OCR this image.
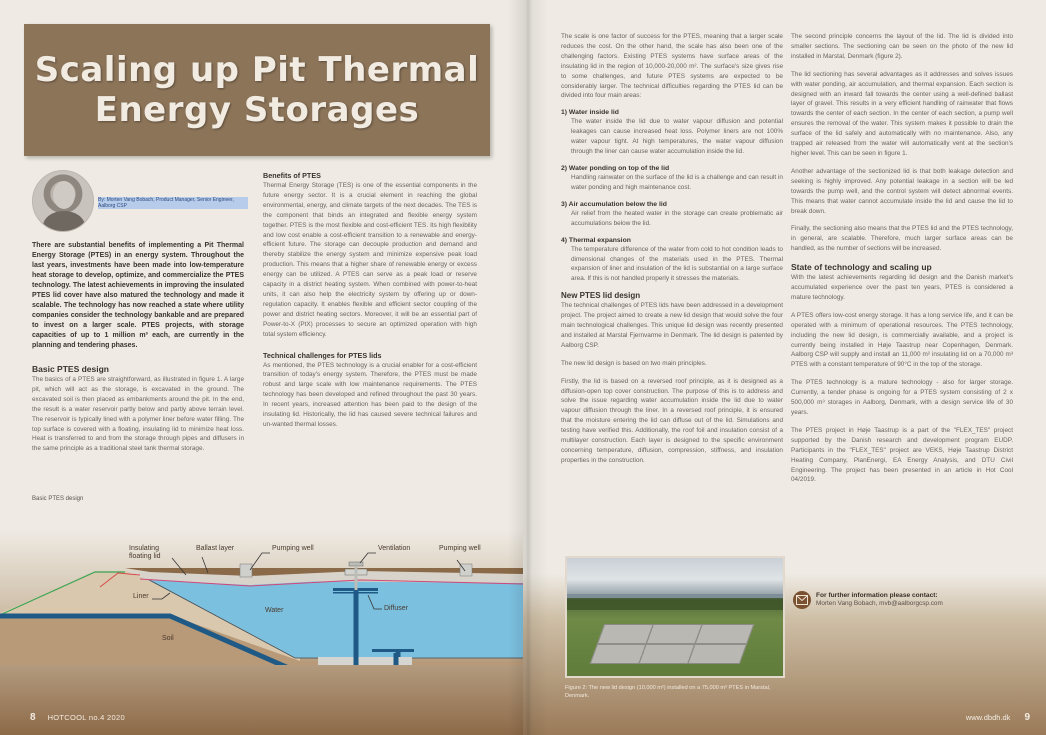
Scaling up Pit Thermal Energy Storages
By: Morten Vang Bobach, Product Manager, Senior Engineer, Aalborg CSP

There are substantial benefits of implementing a Pit Thermal Energy Storage (PTES) in an energy system. Throughout the last years, investments have been made into low-temperature heat storage to develop, optimize, and commercialize the PTES technology. The latest achievements in improving the insulated PTES lid cover have also matured the technology and made it scalable. The technology has now reached a state where utility companies consider the technology bankable and are prepared to invest on a larger scale. PTES projects, with storage capacities of up to 1 million m³ each, are currently in the planning and tendering phases.

Basic PTES design

The basics of a PTES are straightforward, as illustrated in figure 1. A large pit, which will act as the storage, is excavated in the ground. The excavated soil is then placed as embankments around the pit. In the end, the result is a water reservoir partly below and partly above terrain level. The reservoir is typically lined with a polymer liner before water filling. The top surface is covered with a floating, insulating lid to minimize heat loss. Heat is transferred to and from the storage through pipes and diffusers in the same principle as a traditional steel tank thermal storage.

Basic PTES design
Benefits of PTES

Thermal Energy Storage (TES) is one of the essential components in the future energy sector. It is a crucial element in reaching the global environmental, energy, and climate targets of the next decades. The TES is the component that binds an integrated and flexible energy system together. PTES is the most flexible and cost-efficient TES. Its high flexibility and low cost enable a cost-efficient transition to a renewable and energy-efficient future. The storage can decouple production and demand and thereby stabilize the energy system and minimize expensive peak load production. This means that a higher share of renewable energy or excess energy can be utilized. A PTES can serve as a peak load or reserve capacity in a district heating system. When combined with power-to-heat units, it can also help the electricity system by offering up or down-regulation capacity. It enables flexible and efficient sector coupling of the power and district heating sectors. Moreover, it will be an essential part of Power-to-X (PtX) processes to secure an optimized operation with high total system efficiency.

Technical challenges for PTES lids

As mentioned, the PTES technology is a crucial enabler for a cost-efficient transition of today's energy system. Therefore, the PTES must be made robust and large scale with low maintenance requirements. The PTES technology has been developed and refined throughout the past 30 years. In recent years, increased attention has been paid to the design of the insulating lid. Historically, the lid has caused severe technical failures and un-wanted thermal losses.

Insulating
floating lid
Ballast layer	Pumping well	Ventilation	Pumping well
Liner
Water	Diffuser
Soil
8 HOTCOOL no.4 2020

The scale is one factor of success for the PTES, meaning that a larger scale reduces the cost. On the other hand, the scale has also been one of the challenging factors. Existing PTES systems have surface areas of the insulating lid in the region of 10,000-20,000 m². The surface's size gives rise to some challenges, and future PTES systems are expected to be considerably larger. The technical difficulties regarding the PTES lid can be divided into four main areas:

1) Water inside lid

The water inside the lid due to water vapour diffusion and potential leakages can cause increased heat loss. Polymer liners are not 100% water vapour tight. At high temperatures, the water vapour diffusion through the liner can cause water accumulation inside the lid.

2) Water ponding on top of the lid

Handling rainwater on the surface of the lid is a challenge and can result in water ponding and high maintenance cost.

3) Air accumulation below the lid

Air relief from the heated water in the storage can create problematic air accumulations below the lid.

4) Thermal expansion

The temperature difference of the water from cold to hot condition leads to dimensional changes of the materials used in the PTES. Thermal expansion of liner and insulation of the lid is substantial on a large surface area. If this is not handled properly it stresses the materials.

New PTES lid design

The technical challenges of PTES lids have been addressed in a development project. The project aimed to create a new lid design that would solve the four main technological challenges. This unique lid design was recently presented and installed at Marstal Fjernvarme in Denmark. The lid design is patented by Aalborg CSP.

The new lid design is based on two main principles.

Firstly, the lid is based on a reversed roof principle, as it is designed as a diffusion-open top cover construction. The purpose of this is to address and solve the issue regarding water accumulation inside the lid due to water vapour diffusion through the liner. In a reversed roof principle, it is ensured that the moisture entering the lid can diffuse out of the lid. Simulations and testing have verified this. Additionally, the roof foil and insulation consist of a multilayer construction. Each layer is designed to the specific environment concerning temperature, diffusion, compression, stiffness, and insulation properties in the construction.

Figure 2: The new lid design (10,000 m²) installed on a 75,000 m³ PTES in Marstal, Denmark.

The second principle concerns the layout of the lid. The lid is divided into smaller sections. The sectioning can be seen on the photo of the new lid installed in Marstal, Denmark (figure 2).

The lid sectioning has several advantages as it addresses and solves issues with water ponding, air accumulation, and thermal expansion. Each section is designed with an inward fall towards the center using a well-defined ballast layer of gravel. This results in a very efficient handling of rainwater that flows towards the center of each section. In the center of each section, a pump well ensures the removal of the water. This system makes it possible to drain the surface of the lid safely and automatically with no maintenance. Also, any trapped air released from the water will automatically vent at the section's higher level. This can be seen in figure 1.

Another advantage of the sectionized lid is that both leakage detection and seeking is highly improved. Any potential leakage in a section will be led towards the pump well, and the control system will detect abnormal events. This means that water cannot accumulate inside the lid and cause the lid to break down.

Finally, the sectioning also means that the PTES lid and the PTES technology, in general, are scalable. Therefore, much larger surface areas can be handled, as the number of sections will be increased.

State of technology and scaling up

With the latest achievements regarding lid design and the Danish market's accumulated experience over the past ten years, PTES is considered a mature technology.

A PTES offers low-cost energy storage. It has a long service life, and it can be operated with a minimum of operational resources. The PTES technology, including the new lid design, is commercially available, and a project is currently being installed in Høje Taastrup near Copenhagen, Denmark. Aalborg CSP will supply and install an 11,000 m² insulating lid on a 70,000 m³ PTES with a constant temperature of 90°C in the top of the storage.

The PTES technology is a mature technology - also for larger storage. Currently, a tender phase is ongoing for a PTES system consisting of 2 x 500,000 m³ storages in Aalborg, Denmark, with a design service life of 30 years.

The PTES project in Høje Taastrup is a part of the "FLEX_TES" project supported by the Danish research and development program EUDP. Participants in the "FLEX_TES" project are VEKS, Høje Taastrup District Heating Company, PlanEnergi, EA Energy Analysis, and DTU Civil Engineering. The project has been presented in an article in Hot Cool 04/2019.

For further information please contact:
Morten Vang Bobach, mvb@aalborgcsp.com
www.dbdh.dk 9
